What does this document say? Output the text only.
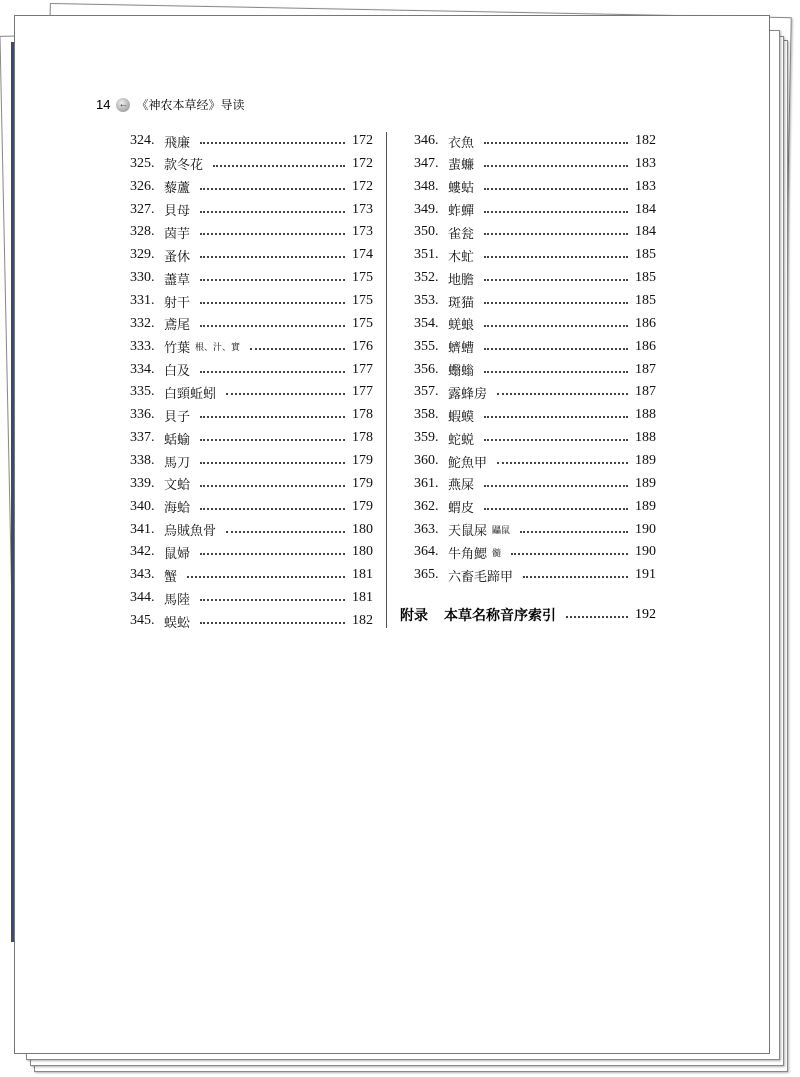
14 ← 《神农本草经》导读
324. 飛廉	172
325. 款冬花	172
326. 藜蘆	172
327. 貝母	173
328. 茵芋	173
329. 蚤休	174
330. 藎草	175
331. 射干	175
332. 鳶尾	175
333. 竹葉 根、汁、實	176
334. 白及	177
335. 白頸蚯蚓	177
336. 貝子	178
337. 蛞蝓	178
338. 馬刀	179
339. 文蛤	179
340. 海蛤	179
341. 烏賊魚骨	180
342. 鼠婦	180
343. 蟹	181
344. 馬陸	181
345. 蜈蚣	182
346. 衣魚	182
347. 蜚蠊	183
348. 螻蛄	183
349. 蚱蟬	184
350. 雀瓮	184
351. 木虻	185
352. 地膽	185
353. 斑猫	185
354. 蜣蜋	186
355. 蠐螬	186
356. 蠮螉	187
357. 露蜂房	187
358. 蝦蟆	188
359. 蛇蜕	188
360. 鮀魚甲	189
361. 燕屎	189
362. 蝟皮	189
363. 天鼠屎 鼺鼠	190
364. 牛角鰓 髓	190
365. 六畜毛蹄甲	191
附录 本草名称音序索引	192
